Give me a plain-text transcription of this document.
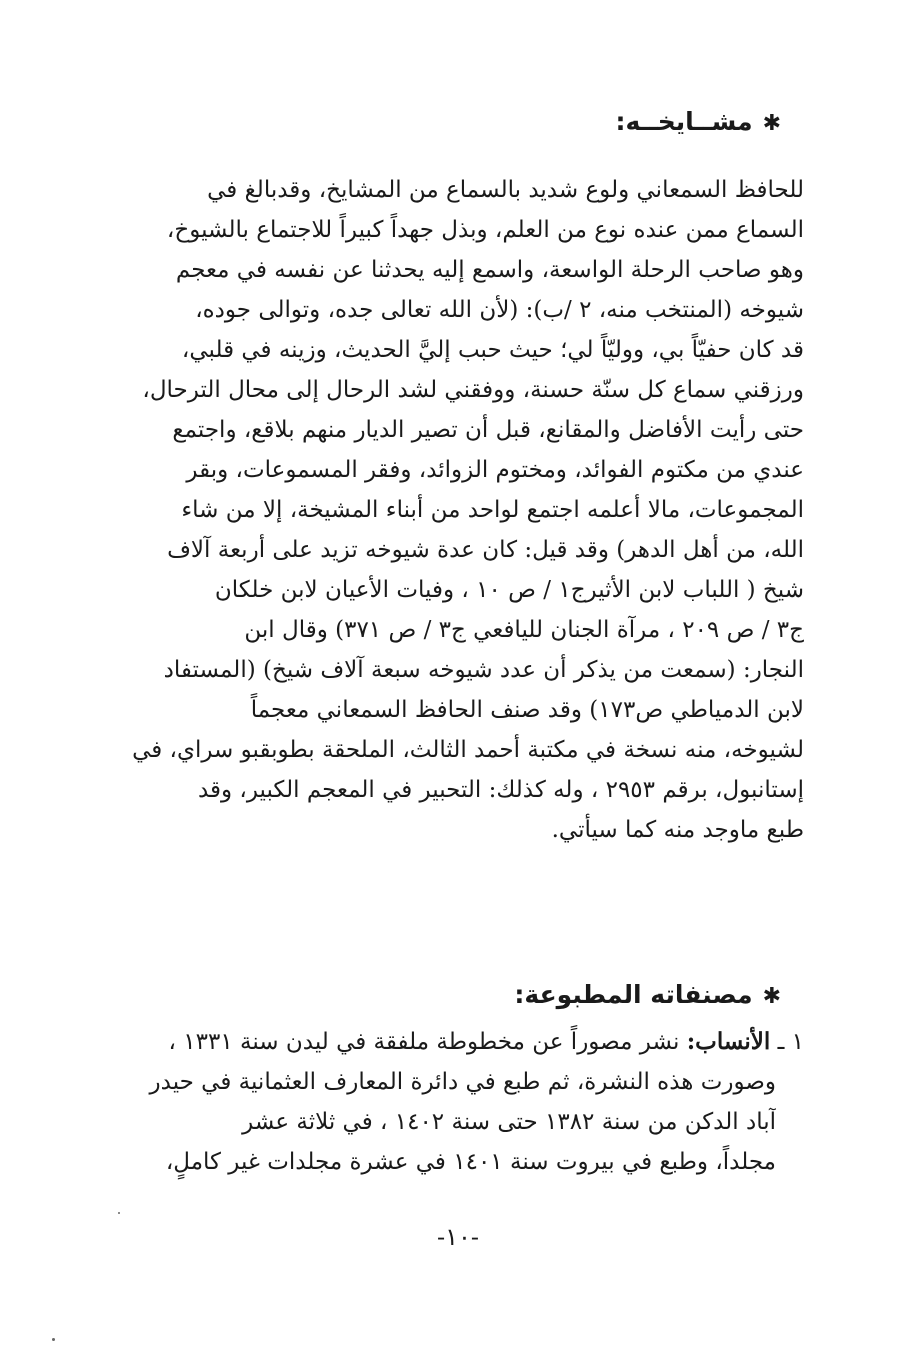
✱مشــايخــه:
للحافظ السمعاني ولوع شديد بالسماع من المشايخ، وقدبالغ في
السماع ممن عنده نوع من العلم، وبذل جهداً كبيراً للاجتماع بالشيوخ،
وهو صاحب الرحلة الواسعة، واسمع إليه يحدثنا عن نفسه في معجم
شيوخه (المنتخب منه، ٢ /ب): (لأن الله تعالى جده، وتوالى جوده،
قد كان حفيّاً بي، ووليّاً لي؛ حيث حبب إليَّ الحديث، وزينه في قلبي،
ورزقني سماع كل سنّة حسنة، ووفقني لشد الرحال إلى محال الترحال،
حتى رأيت الأفاضل والمقانع، قبل أن تصير الديار منهم بلاقع، واجتمع
عندي من مكتوم الفوائد، ومختوم الزوائد، وفقر المسموعات، وبقر
المجموعات، مالا أعلمه اجتمع لواحد من أبناء المشيخة، إلا من شاء
الله، من أهل الدهر) وقد قيل: كان عدة شيوخه تزيد على أربعة آلاف
شيخ ( اللباب لابن الأثيرج١ / ص ١٠ ، وفيات الأعيان لابن خلكان
ج٣ / ص ٢٠٩ ، مرآة الجنان لليافعي ج٣ / ص ٣٧١) وقال ابن
النجار: (سمعت من يذكر أن عدد شيوخه سبعة آلاف شيخ) (المستفاد
لابن الدمياطي ص١٧٣) وقد صنف الحافظ السمعاني معجماً
لشيوخه، منه نسخة في مكتبة أحمد الثالث، الملحقة بطوبقبو سراي، في
إستانبول، برقم ٢٩٥٣ ، وله كذلك: التحبير في المعجم الكبير، وقد
طبع ماوجد منه كما سيأتي.
✱مصنفاته المطبوعة:
١ ـ الأنساب: نشر مصوراً عن مخطوطة ملفقة في ليدن سنة ١٣٣١ ،
وصورت هذه النشرة، ثم طبع في دائرة المعارف العثمانية في حيدر
آباد الدكن من سنة ١٣٨٢ حتى سنة ١٤٠٢ ، في ثلاثة عشر
مجلداً، وطبع في بيروت سنة ١٤٠١ في عشرة مجلدات غير كاملٍ،
-١٠-
